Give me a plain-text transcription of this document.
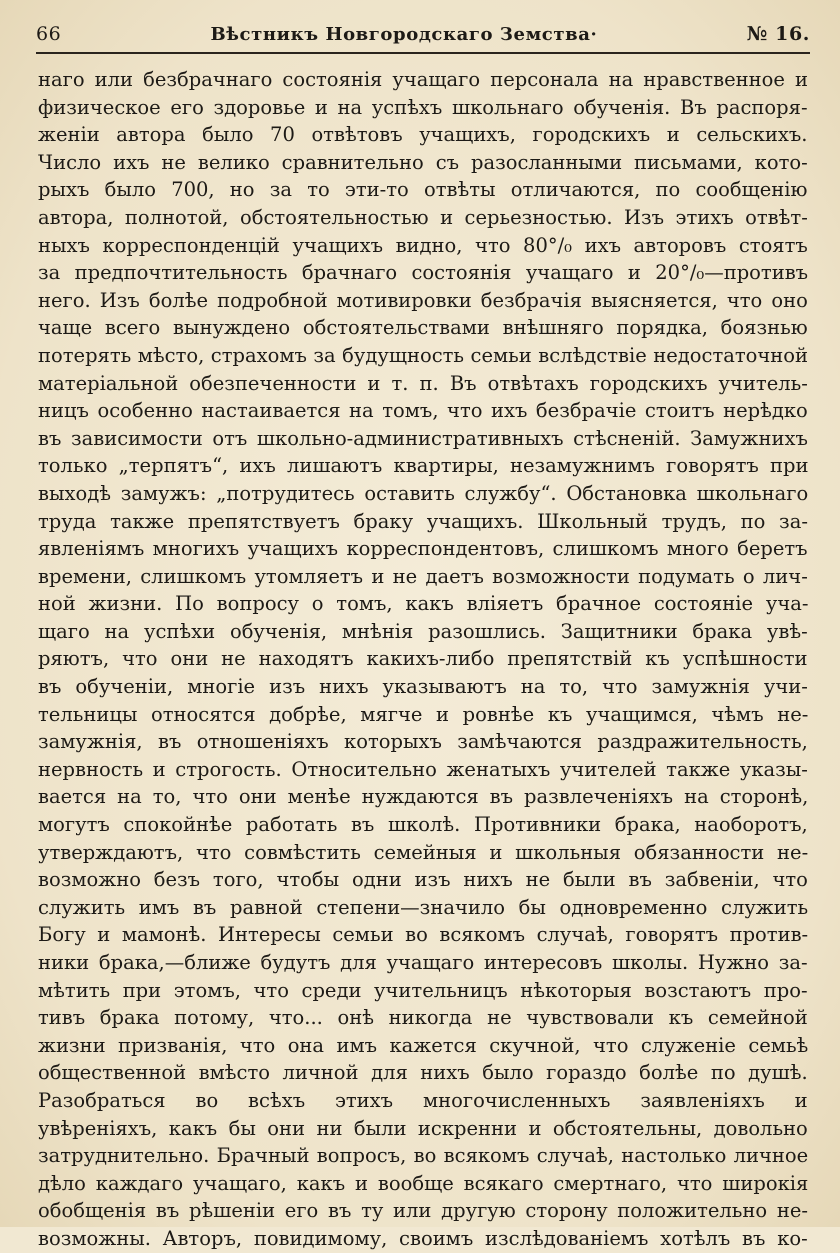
66	Вѣстникъ Новгородскаго Земства·	№ 16.
наго или безбрачнаго состоянія учащаго персонала на нравственное и
физическое его здоровье и на успѣхъ школьнаго обученія. Въ распоря-
женіи автора было 70 отвѣтовъ учащихъ, городскихъ и сельскихъ.
Число ихъ не велико сравнительно съ разосланными письмами, кото-
рыхъ было 700, но за то эти-то отвѣты отличаются, по сообщенію
автора, полнотой, обстоятельностью и серьезностью. Изъ этихъ отвѣт-
ныхъ корреспонденцій учащихъ видно, что 80°/₀ ихъ авторовъ стоятъ
за предпочтительность брачнаго состоянія учащаго и 20°/₀—противъ
него. Изъ болѣе подробной мотивировки безбрачія выясняется, что оно
чаще всего вынуждено обстоятельствами внѣшняго порядка, боязнью
потерять мѣсто, страхомъ за будущность семьи вслѣдствіе недостаточной
матеріальной обезпеченности и т. п. Въ отвѣтахъ городскихъ учитель-
ницъ особенно настаивается на томъ, что ихъ безбрачіе стоитъ нерѣдко
въ зависимости отъ школьно-административныхъ стѣсненій. Замужнихъ
только „терпятъ“, ихъ лишаютъ квартиры, незамужнимъ говорятъ при
выходѣ замужъ: „потрудитесь оставить службу“. Обстановка школьнаго
труда также препятствуетъ браку учащихъ. Школьный трудъ, по за-
явленіямъ многихъ учащихъ корреспондентовъ, слишкомъ много беретъ
времени, слишкомъ утомляетъ и не даетъ возможности подумать о лич-
ной жизни. По вопросу о томъ, какъ вліяетъ брачное состояніе уча-
щаго на успѣхи обученія, мнѣнія разошлись. Защитники брака увѣ-
ряютъ, что они не находятъ какихъ-либо препятствій къ успѣшности
въ обученіи, многіе изъ нихъ указываютъ на то, что замужнія учи-
тельницы относятся добрѣе, мягче и ровнѣе къ учащимся, чѣмъ не-
замужнія, въ отношеніяхъ которыхъ замѣчаются раздражительность,
нервность и строгость. Относительно женатыхъ учителей также указы-
вается на то, что они менѣе нуждаются въ развлеченіяхъ на сторонѣ,
могутъ спокойнѣе работать въ школѣ. Противники брака, наоборотъ,
утверждаютъ, что совмѣстить семейныя и школьныя обязанности не-
возможно безъ того, чтобы одни изъ нихъ не были въ забвеніи, что
служить имъ въ равной степени—значило бы одновременно служить
Богу и мамонѣ. Интересы семьи во всякомъ случаѣ, говорятъ против-
ники брака,—ближе будутъ для учащаго интересовъ школы. Нужно за-
мѣтить при этомъ, что среди учительницъ нѣкоторыя возстаютъ про-
тивъ брака потому, что... онѣ никогда не чувствовали къ семейной
жизни призванія, что она имъ кажется скучной, что служеніе семьѣ
общественной вмѣсто личной для нихъ было гораздо болѣе по душѣ.
Разобраться во всѣхъ этихъ многочисленныхъ заявленіяхъ и
увѣреніяхъ, какъ бы они ни были искренни и обстоятельны, довольно
затруднительно. Брачный вопросъ, во всякомъ случаѣ, настолько личное
дѣло каждаго учащаго, какъ и вообще всякаго смертнаго, что широкія
обобщенія въ рѣшеніи его въ ту или другую сторону положительно не-
возможны. Авторъ, повидимому, своимъ изслѣдованіемъ хотѣлъ въ ко-
